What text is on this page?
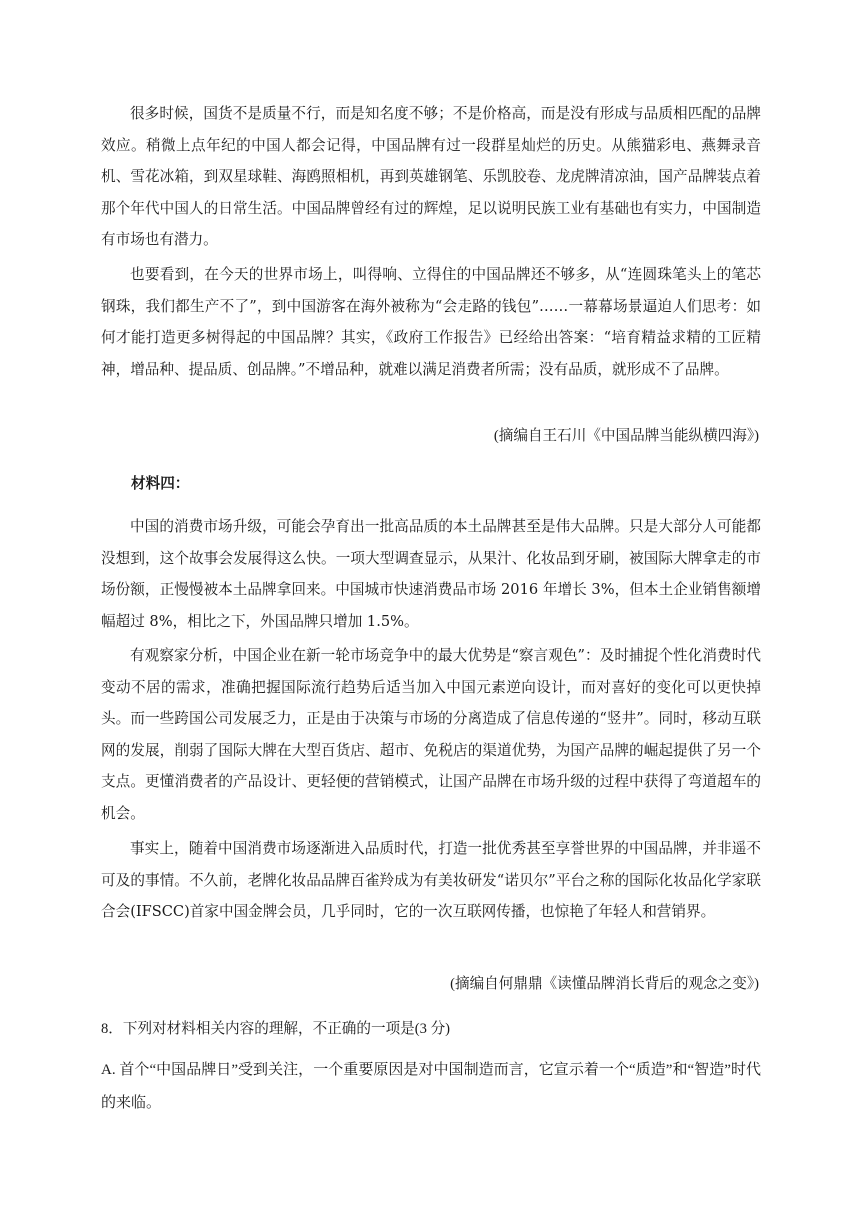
很多时候，国货不是质量不行，而是知名度不够；不是价格高，而是没有形成与品质相匹配的品牌效应。稍微上点年纪的中国人都会记得，中国品牌有过一段群星灿烂的历史。从熊猫彩电、燕舞录音机、雪花冰箱，到双星球鞋、海鸥照相机，再到英雄钢笔、乐凯胶卷、龙虎牌清凉油，国产品牌装点着那个年代中国人的日常生活。中国品牌曾经有过的辉煌，足以说明民族工业有基础也有实力，中国制造有市场也有潜力。

也要看到，在今天的世界市场上，叫得响、立得住的中国品牌还不够多，从“连圆珠笔头上的笔芯钢珠，我们都生产不了”，到中国游客在海外被称为“会走路的钱包”……一幕幕场景逼迫人们思考：如何才能打造更多树得起的中国品牌？其实，《政府工作报告》已经给出答案：“培育精益求精的工匠精神，增品种、提品质、创品牌。”不增品种，就难以满足消费者所需；没有品质，就形成不了品牌。

(摘编自王石川《中国品牌当能纵横四海》)

材料四：

中国的消费市场升级，可能会孕育出一批高品质的本土品牌甚至是伟大品牌。只是大部分人可能都没想到，这个故事会发展得这么快。一项大型调查显示，从果汁、化妆品到牙刷，被国际大牌拿走的市场份额，正慢慢被本土品牌拿回来。中国城市快速消费品市场 2016 年增长 3%，但本土企业销售额增幅超过 8%，相比之下，外国品牌只增加 1.5%。

有观察家分析，中国企业在新一轮市场竞争中的最大优势是“察言观色”：及时捕捉个性化消费时代变动不居的需求，准确把握国际流行趋势后适当加入中国元素逆向设计，而对喜好的变化可以更快掉头。而一些跨国公司发展乏力，正是由于决策与市场的分离造成了信息传递的“竖井”。同时，移动互联网的发展，削弱了国际大牌在大型百货店、超市、免税店的渠道优势，为国产品牌的崛起提供了另一个支点。更懂消费者的产品设计、更轻便的营销模式，让国产品牌在市场升级的过程中获得了弯道超车的机会。

事实上，随着中国消费市场逐渐进入品质时代，打造一批优秀甚至享誉世界的中国品牌，并非遥不可及的事情。不久前，老牌化妆品品牌百雀羚成为有美妆研发“诺贝尔”平台之称的国际化妆品化学家联合会(IFSCC)首家中国金牌会员，几乎同时，它的一次互联网传播，也惊艳了年轻人和营销界。

(摘编自何鼎鼎《读懂品牌消长背后的观念之变》)

8．下列对材料相关内容的理解，不正确的一项是(3 分)

A. 首个“中国品牌日”受到关注，一个重要原因是对中国制造而言，它宣示着一个“质造”和“智造”时代的来临。
